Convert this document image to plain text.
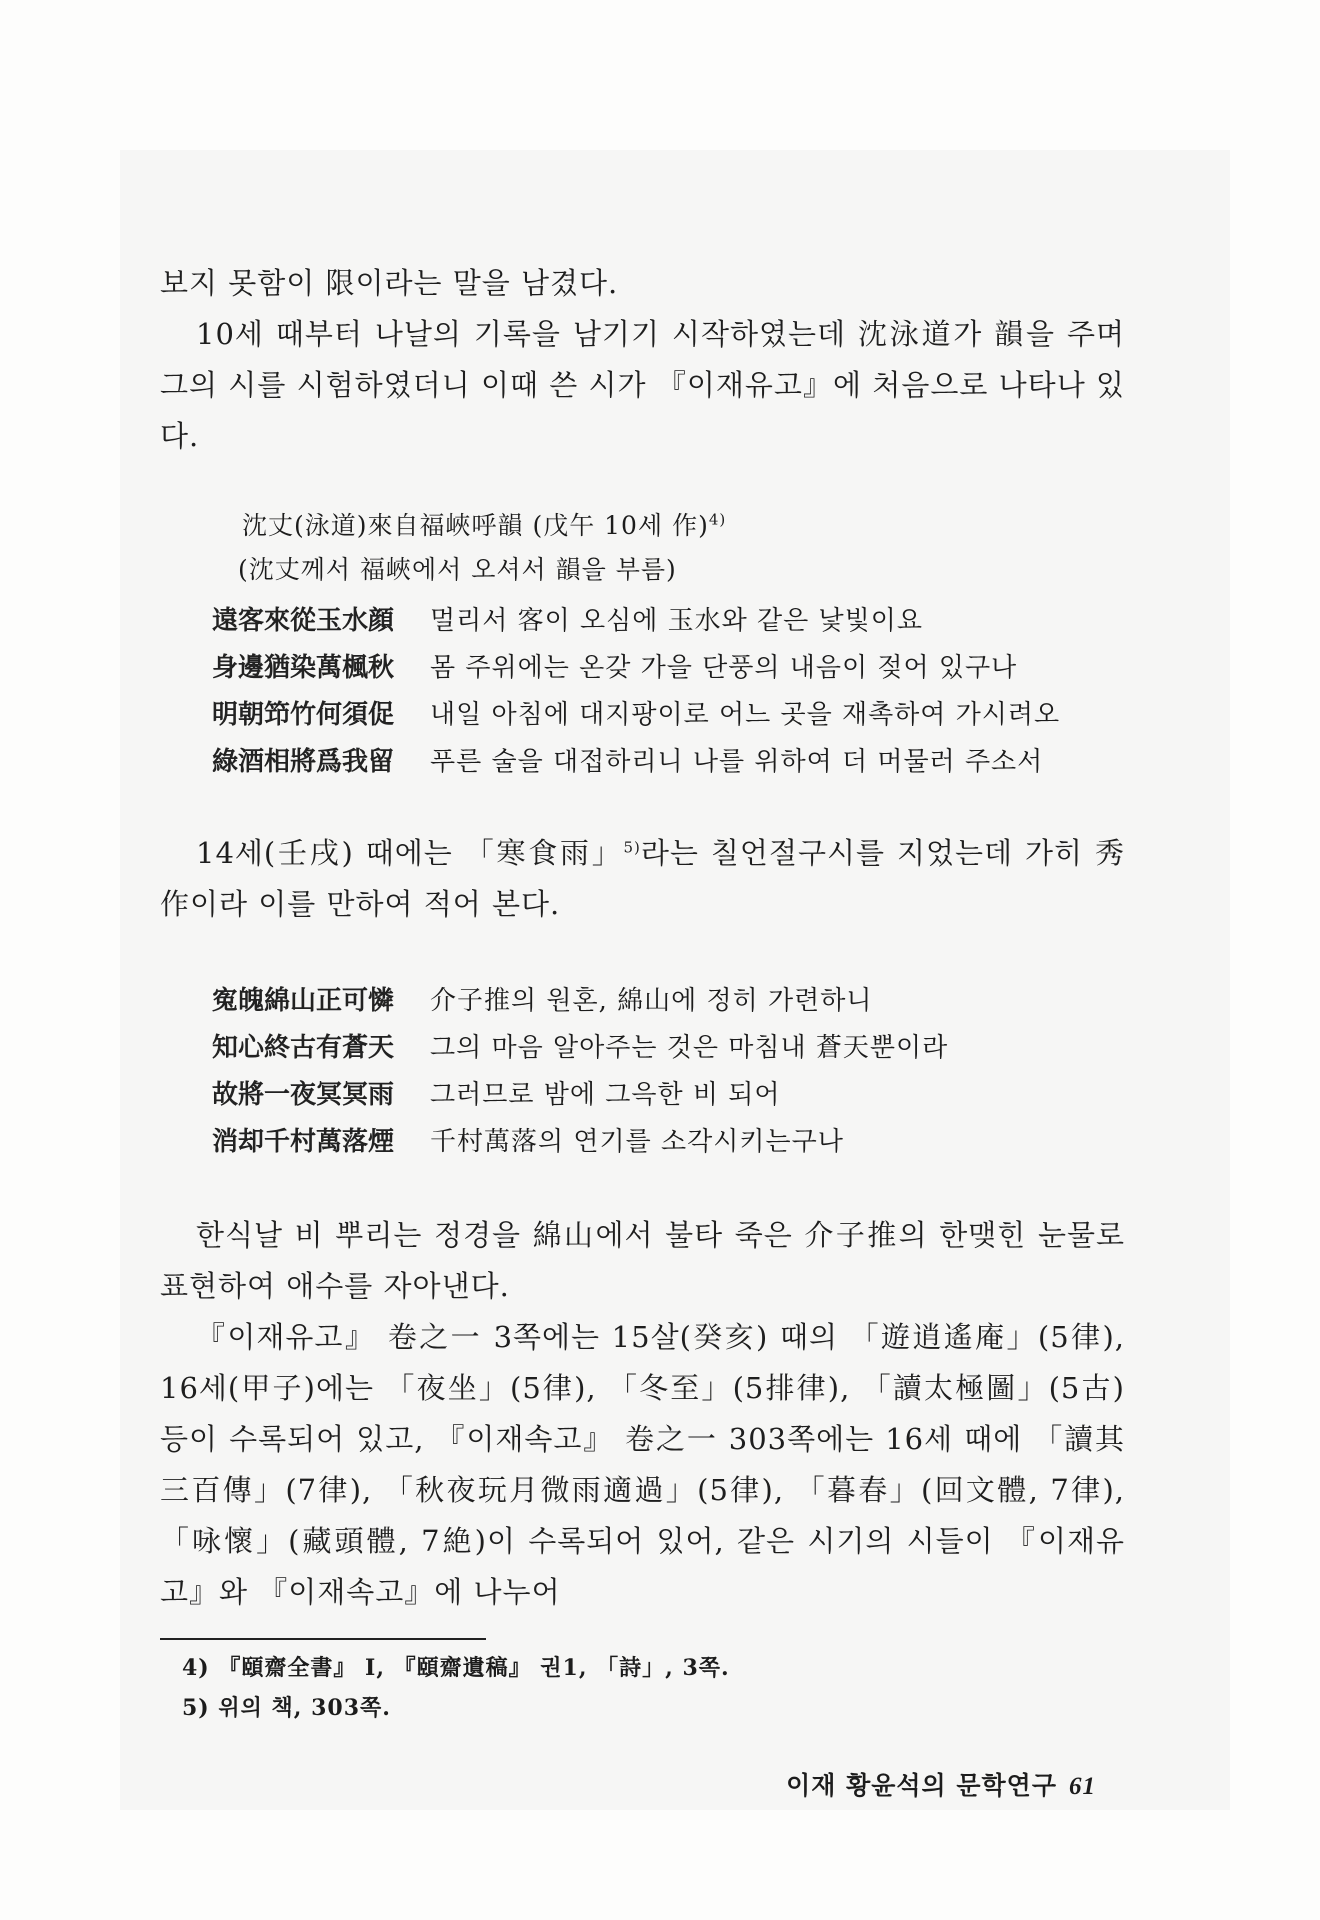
보지 못함이 限이라는 말을 남겼다.

10세 때부터 나날의 기록을 남기기 시작하였는데 沈泳道가 韻을 주며 그의 시를 시험하였더니 이때 쓴 시가 『이재유고』에 처음으로 나타나 있다.

沈丈(泳道)來自福峽呼韻 (戊午 10세 作)$^{4)}$

(沈丈께서 福峽에서 오셔서 韻을 부름)

遠客來從玉水顔	멀리서 客이 오심에 玉水와 같은 낯빛이요
身邊猶染萬楓秋	몸 주위에는 온갖 가을 단풍의 내음이 젖어 있구나
明朝笻竹何須促	내일 아침에 대지팡이로 어느 곳을 재촉하여 가시려오
綠酒相將爲我留	푸른 술을 대접하리니 나를 위하여 더 머물러 주소서

14세(壬戌) 때에는 「寒食雨」$^{5)}$라는 칠언절구시를 지었는데 가히 秀作이라 이를 만하여 적어 본다.

寃魄綿山正可憐	介子推의 원혼, 綿山에 정히 가련하니
知心終古有蒼天	그의 마음 알아주는 것은 마침내 蒼天뿐이라
故將一夜冥冥雨	그러므로 밤에 그윽한 비 되어
消却千村萬落煙	千村萬落의 연기를 소각시키는구나

한식날 비 뿌리는 정경을 綿山에서 불타 죽은 介子推의 한맺힌 눈물로 표현하여 애수를 자아낸다.

『이재유고』 卷之一 3쪽에는 15살(癸亥) 때의 「遊逍遙庵」(5律), 16세(甲子)에는 「夜坐」(5律), 「冬至」(5排律), 「讀太極圖」(5古) 등이 수록되어 있고, 『이재속고』 卷之一 303쪽에는 16세 때에 「讀其三百傳」(7律), 「秋夜玩月微雨適過」(5律), 「暮春」(回文體, 7律), 「咏懷」(藏頭體, 7絶)이 수록되어 있어, 같은 시기의 시들이 『이재유고』와 『이재속고』에 나누어

4) 『頤齋全書』 Ⅰ, 『頤齋遺稿』 권1, 「詩」, 3쪽.

5) 위의 책, 303쪽.

이재 황윤석의 문학연구 61
